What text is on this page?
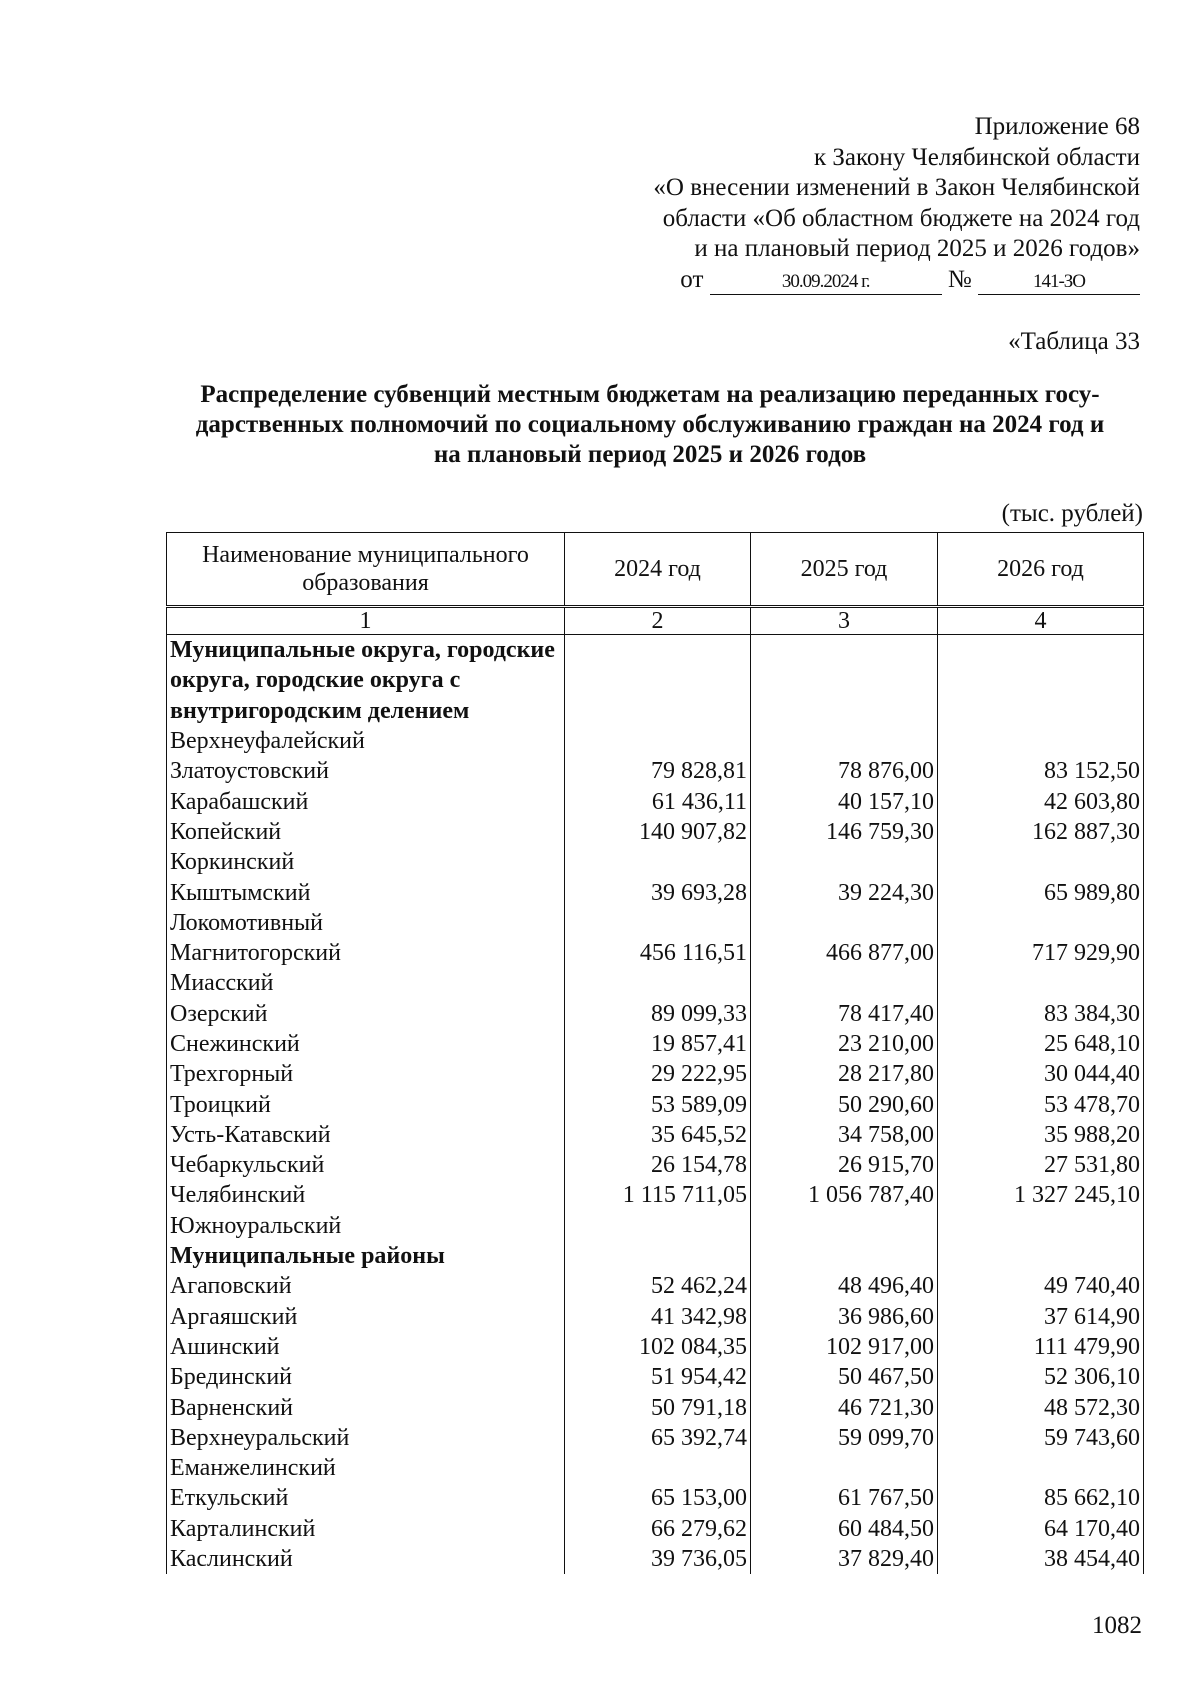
Приложение 68
к Закону Челябинской области
«О внесении изменений в Закон Челябинской
области «Об областном бюджете на 2024 год
и на плановый период 2025 и 2026 годов»
от	30.09.2024 г.	№	141-ЗО
«Таблица 33
Распределение субвенций местным бюджетам на реализацию переданных госу-
дарственных полномочий по социальному обслуживанию граждан на 2024 год и
на плановый период 2025 и 2026 годов
(тыс. рублей)
Наименование муниципального образования	2024 год	2025 год	2026 год
1	2	3	4
Муниципальные округа, городские округа, городские округа с внутригородским делением			
Верхнеуфалейский			
Златоустовский	79 828,81	78 876,00	83 152,50
Карабашский	61 436,11	40 157,10	42 603,80
Копейский	140 907,82	146 759,30	162 887,30
Коркинский			
Кыштымский	39 693,28	39 224,30	65 989,80
Локомотивный			
Магнитогорский	456 116,51	466 877,00	717 929,90
Миасский			
Озерский	89 099,33	78 417,40	83 384,30
Снежинский	19 857,41	23 210,00	25 648,10
Трехгорный	29 222,95	28 217,80	30 044,40
Троицкий	53 589,09	50 290,60	53 478,70
Усть-Катавский	35 645,52	34 758,00	35 988,20
Чебаркульский	26 154,78	26 915,70	27 531,80
Челябинский	1 115 711,05	1 056 787,40	1 327 245,10
Южноуральский			
Муниципальные районы			
Агаповский	52 462,24	48 496,40	49 740,40
Аргаяшский	41 342,98	36 986,60	37 614,90
Ашинский	102 084,35	102 917,00	111 479,90
Брединский	51 954,42	50 467,50	52 306,10
Варненский	50 791,18	46 721,30	48 572,30
Верхнеуральский	65 392,74	59 099,70	59 743,60
Еманжелинский			
Еткульский	65 153,00	61 767,50	85 662,10
Карталинский	66 279,62	60 484,50	64 170,40
Каслинский	39 736,05	37 829,40	38 454,40
1082
